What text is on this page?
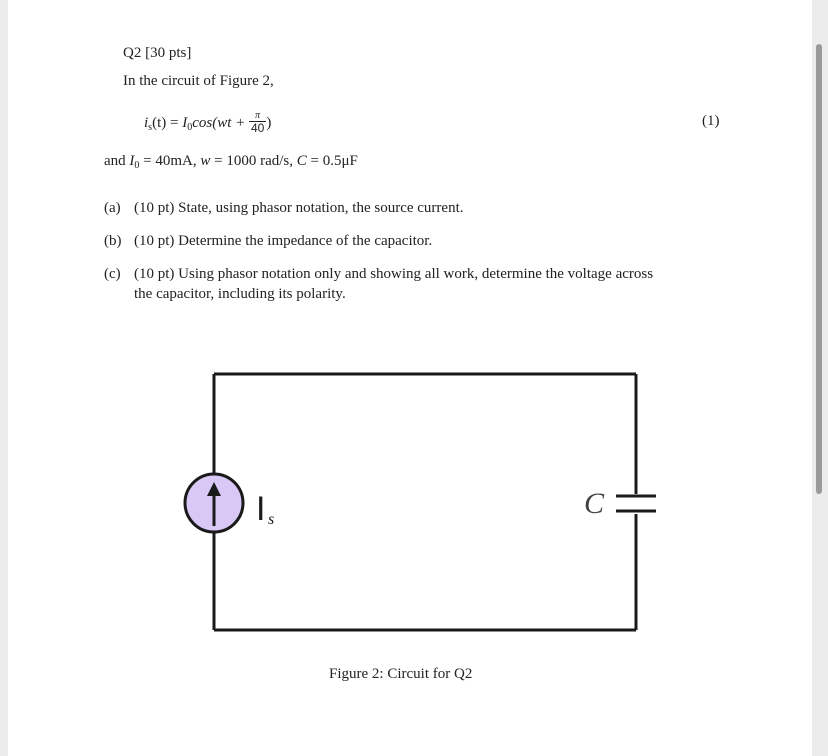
Q2 [30 pts]
In the circuit of Figure 2,
$i_s(t) = I_0\cos(wt + \frac{\pi}{40}$ )	(1)
and $I_0 = 40mA$, w = 1000 rad/s, C = 0.5μF
(a) (10 pt) State, using phasor notation, the source current.
(b) (10 pt) Determine the impedance of the capacitor.
(c) (10 pt) Using phasor notation only and showing all work, determine the voltage across
the capacitor, including its polarity.
I s	C
Figure 2: Circuit for Q2
